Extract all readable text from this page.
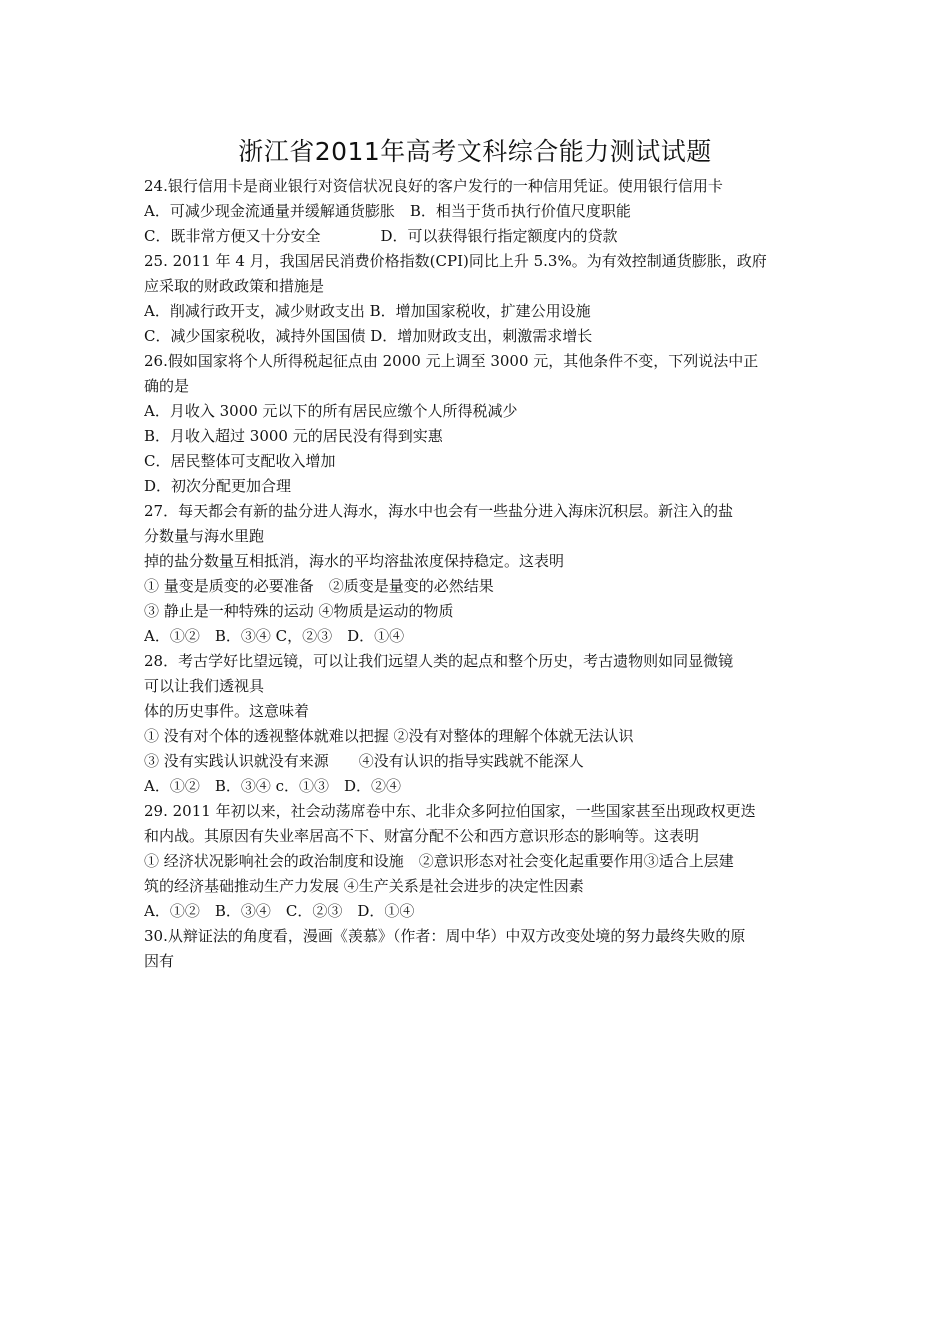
浙江省2011年高考文科综合能力测试试题
24.银行信用卡是商业银行对资信状况良好的客户发行的一种信用凭证。使用银行信用卡
A．可减少现金流通量并缓解通货膨胀　B．相当于货币执行价值尺度职能
C．既非常方便又十分安全　　　　D．可以获得银行指定额度内的贷款
25. 2011 年 4 月，我国居民消费价格指数(CPI)同比上升 5.3%。为有效控制通货膨胀，政府
应采取的财政政策和措施是
A．削减行政开支，减少财政支出 B．增加国家税收，扩建公用设施
C．减少国家税收，减持外国国债 D．增加财政支出，刺激需求增长
26.假如国家将个人所得税起征点由 2000 元上调至 3000 元，其他条件不变，下列说法中正
确的是
A．月收入 3000 元以下的所有居民应缴个人所得税减少
B．月收入超过 3000 元的居民没有得到实惠
C．居民整体可支配收入增加
D．初次分配更加合理
27．每天都会有新的盐分进人海水，海水中也会有一些盐分进入海床沉积层。新注入的盐
分数量与海水里跑
掉的盐分数量互相抵消，海水的平均溶盐浓度保持稳定。这表明
① 量变是质变的必要准备　②质变是量变的必然结果
③ 静止是一种特殊的运动 ④物质是运动的物质
A．①②　B．③④ C，②③　D．①④
28．考古学好比望远镜，可以让我们远望人类的起点和整个历史，考古遗物则如同显微镜
可以让我们透视具
体的历史事件。这意味着
① 没有对个体的透视整体就难以把握 ②没有对整体的理解个体就无法认识
③ 没有实践认识就没有来源　　④没有认识的指导实践就不能深人
A．①②　B．③④ c．①③　D．②④
29. 2011 年初以来，社会动荡席卷中东、北非众多阿拉伯国家，一些国家甚至出现政权更迭
和内战。其原因有失业率居高不下、财富分配不公和西方意识形态的影响等。这表明
① 经济状况影响社会的政治制度和设施　②意识形态对社会变化起重要作用③适合上层建
筑的经济基础推动生产力发展 ④生产关系是社会进步的决定性因素
A．①②　B．③④　C．②③　D．①④
30.从辩证法的角度看，漫画《羡慕》（作者：周中华）中双方改变处境的努力最终失败的原
因有
